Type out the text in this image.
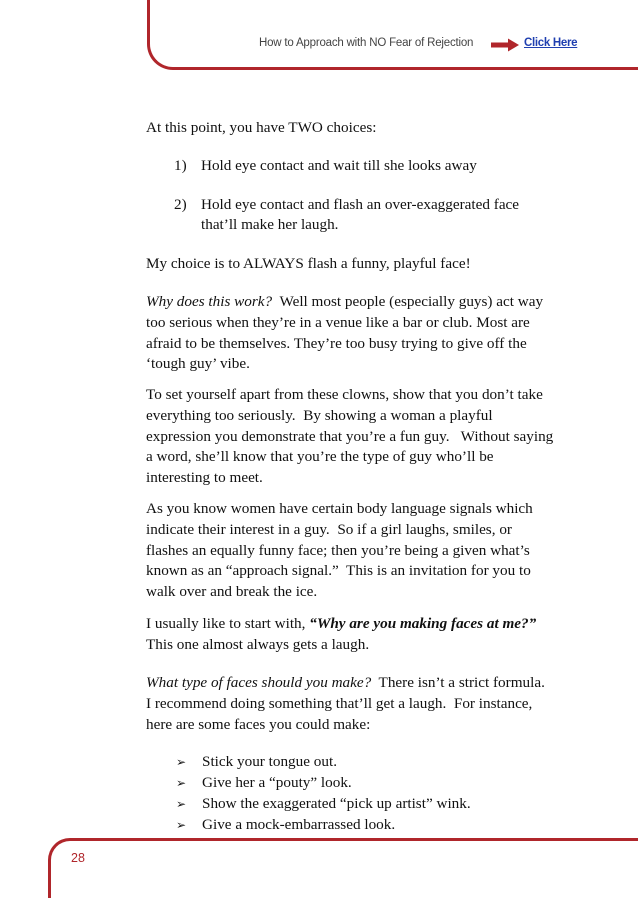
How to Approach with NO Fear of Rejection	Click Here

At this point, you have TWO choices:

1) Hold eye contact and wait till she looks away
2) Hold eye contact and flash an over-exaggerated face
that’ll make her laugh.

My choice is to ALWAYS flash a funny, playful face!

Why does this work?  Well most people (especially guys) act way
too serious when they’re in a venue like a bar or club. Most are
afraid to be themselves. They’re too busy trying to give off the
‘tough guy’ vibe.
To set yourself apart from these clowns, show that you don’t take
everything too seriously.  By showing a woman a playful
expression you demonstrate that you’re a fun guy.   Without saying
a word, she’ll know that you’re the type of guy who’ll be
interesting to meet.
As you know women have certain body language signals which
indicate their interest in a guy.  So if a girl laughs, smiles, or
flashes an equally funny face; then you’re being a given what’s
known as an “approach signal.”  This is an invitation for you to
walk over and break the ice.
I usually like to start with, “Why are you making faces at me?”
This one almost always gets a laugh.
What type of faces should you make?  There isn’t a strict formula.
I recommend doing something that’ll get a laugh.  For instance,
here are some faces you could make:
➢ Stick your tongue out.
➢ Give her a “pouty” look.
➢ Show the exaggerated “pick up artist” wink.
➢ Give a mock-embarrassed look.
28
